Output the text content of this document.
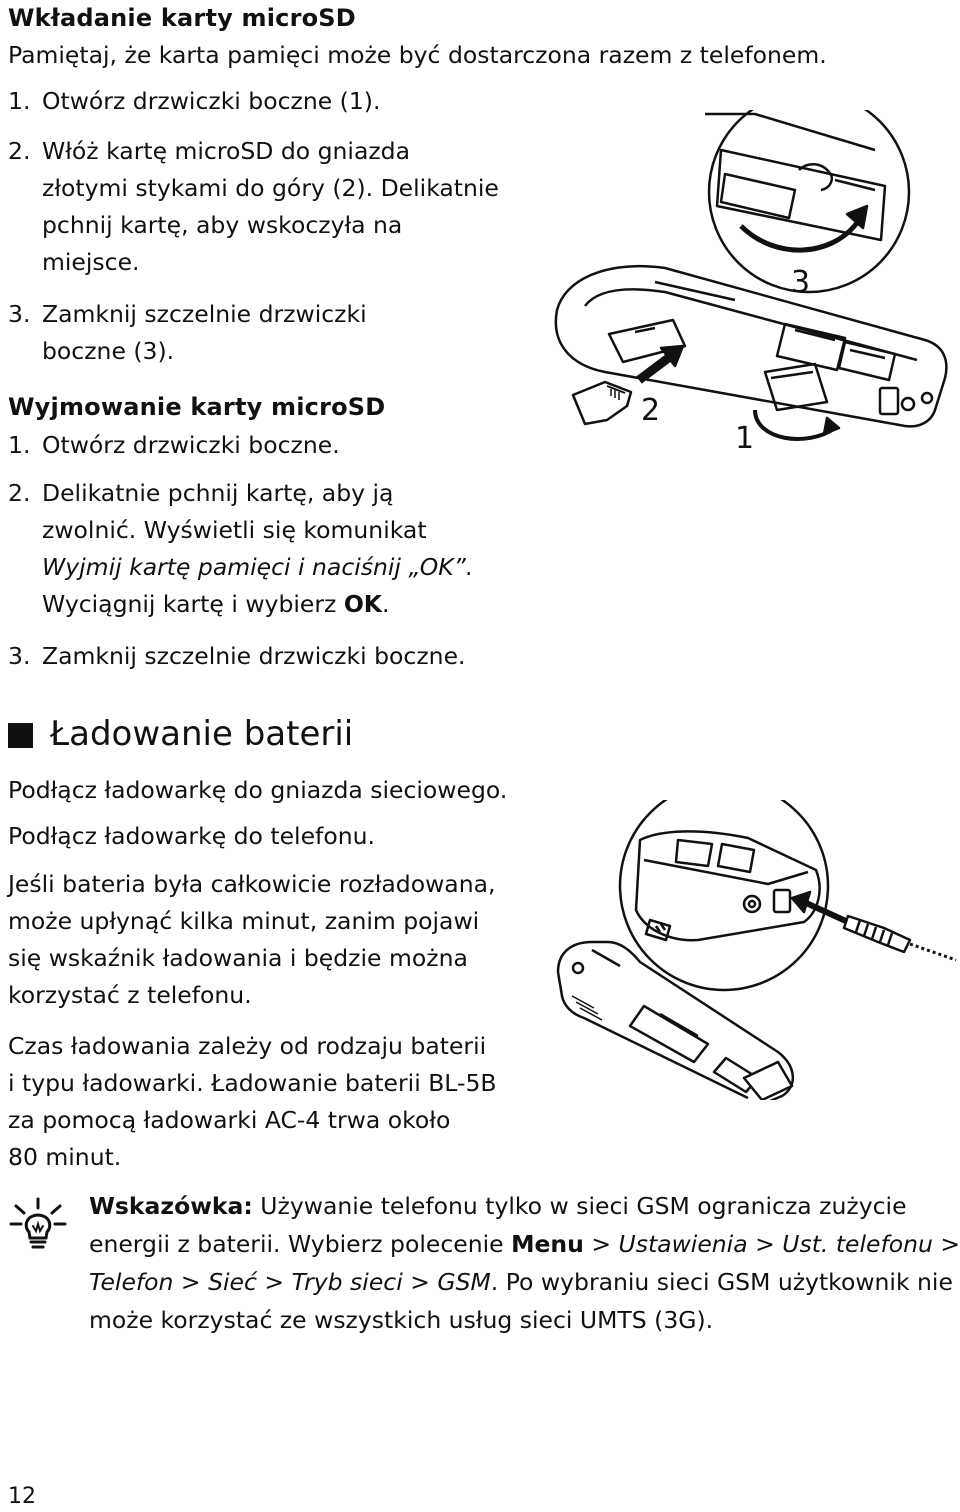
Wkładanie karty microSD
Pamiętaj, że karta pamięci może być dostarczona razem z telefonem.
1. Otwórz drzwiczki boczne (1).
2. Włóż kartę microSD do gniazda
złotymi stykami do góry (2). Delikatnie
pchnij kartę, aby wskoczyła na
miejsce.
3. Zamknij szczelnie drzwiczki
boczne (3).
Wyjmowanie karty microSD
1. Otwórz drzwiczki boczne.
2. Delikatnie pchnij kartę, aby ją
zwolnić. Wyświetli się komunikat
Wyjmij kartę pamięci i naciśnij „OK”.
Wyciągnij kartę i wybierz OK.
3. Zamknij szczelnie drzwiczki boczne.
Ładowanie baterii
Podłącz ładowarkę do gniazda sieciowego.
Podłącz ładowarkę do telefonu.
Jeśli bateria była całkowicie rozładowana,
może upłynąć kilka minut, zanim pojawi
się wskaźnik ładowania i będzie można
korzystać z telefonu.
Czas ładowania zależy od rodzaju baterii
i typu ładowarki. Ładowanie baterii BL-5B
za pomocą ładowarki AC-4 trwa około
80 minut.
Wskazówka: Używanie telefonu tylko w sieci GSM ogranicza zużycie
energii z baterii. Wybierz polecenie Menu > Ustawienia > Ust. telefonu >
Telefon > Sieć > Tryb sieci > GSM. Po wybraniu sieci GSM użytkownik nie
może korzystać ze wszystkich usług sieci UMTS (3G).
2
1
3
12
